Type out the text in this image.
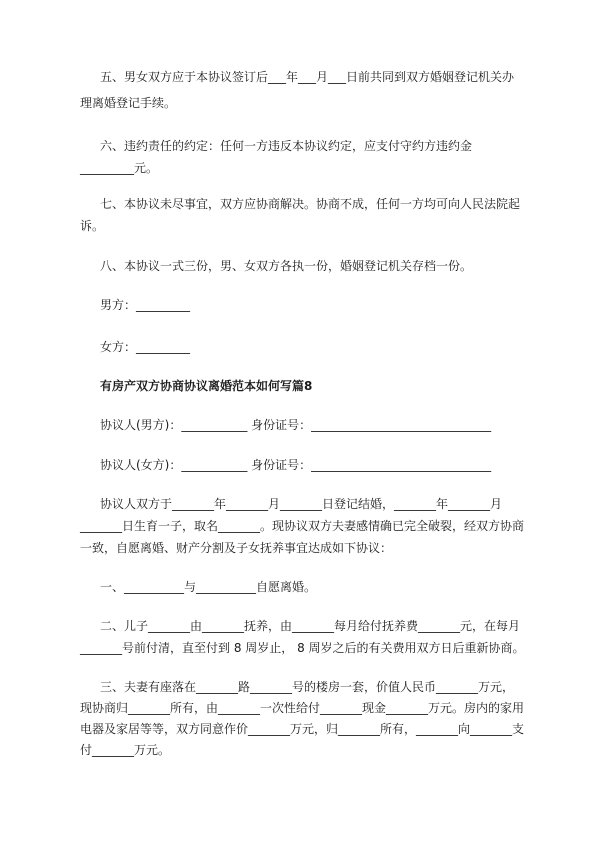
五、男女双方应于本协议签订后___年___月___日前共同到双方婚姻登记机关办
理离婚登记手续。
六、违约责任的约定：任何一方违反本协议约定，应支付守约方违约金
_________元。
七、本协议未尽事宜，双方应协商解决。协商不成，任何一方均可向人民法院起
诉。
八、本协议一式三份，男、女双方各执一份，婚姻登记机关存档一份。
男方：_________
女方：_________
有房产双方协商协议离婚范本如何写篇8
协议人(男方)：___________ 身份证号：______________________________
协议人(女方)：___________ 身份证号：______________________________
协议人双方于_______年_______月_______日登记结婚，_______年_______月
_______日生育一子，取名_______。现协议双方夫妻感情确已完全破裂，经双方协商
一致，自愿离婚、财产分割及子女抚养事宜达成如下协议：
一、__________与__________自愿离婚。
二、儿子_______由_______抚养，由_______每月给付抚养费_______元，在每月
_______号前付清，直至付到 8 周岁止， 8 周岁之后的有关费用双方日后重新协商。
三、夫妻有座落在_______路_______号的楼房一套，价值人民币_______万元，
现协商归_______所有，由_______一次性给付_______现金_______万元。房内的家用
电器及家居等等，双方同意作价_______万元，归_______所有，_______向_______支
付_______万元。
